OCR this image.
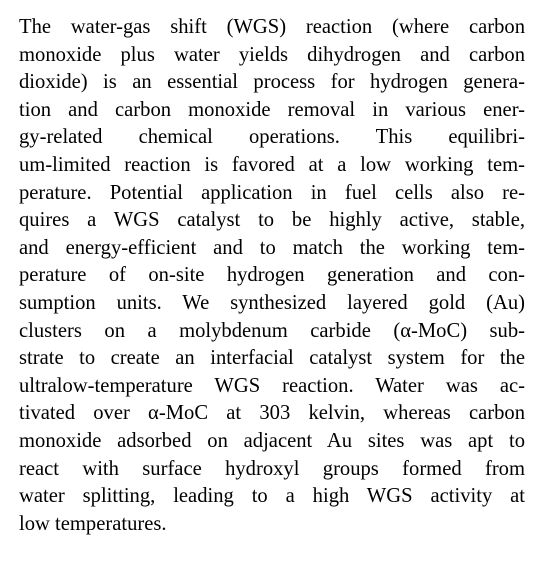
The water-gas shift (WGS) reaction (where carbon
monoxide plus water yields dihydrogen and carbon
dioxide) is an essential process for hydrogen genera-
tion and carbon monoxide removal in various ener-
gy-related chemical operations. This equilibri-
um-limited reaction is favored at a low working tem-
perature. Potential application in fuel cells also re-
quires a WGS catalyst to be highly active, stable,
and energy-efficient and to match the working tem-
perature of on-site hydrogen generation and con-
sumption units. We synthesized layered gold (Au)
clusters on a molybdenum carbide (α-MoC) sub-
strate to create an interfacial catalyst system for the
ultralow-temperature WGS reaction. Water was ac-
tivated over α-MoC at 303 kelvin, whereas carbon
monoxide adsorbed on adjacent Au sites was apt to
react with surface hydroxyl groups formed from
water splitting, leading to a high WGS activity at
low temperatures.
